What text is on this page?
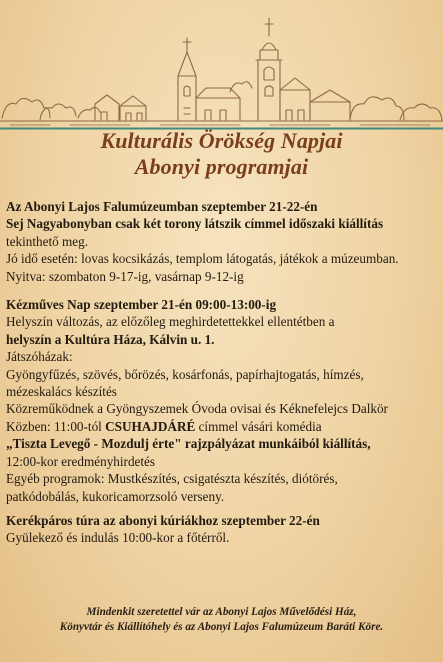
Kulturális Örökség Napjai
Abonyi programjai

Az Abonyi Lajos Falumúzeumban szeptember 21-22-én

Sej Nagyabonyban csak két torony látszik címmel időszaki kiállítás

tekinthető meg.

Jó idő esetén: lovas kocsikázás, templom látogatás, játékok a múzeumban.

Nyitva: szombaton 9-17-ig, vasárnap 9-12-ig

Kézműves Nap szeptember 21-én 09:00-13:00-ig

Helyszín változás, az előzőleg meghirdetettekkel ellentétben a

helyszín a Kultúra Háza, Kálvin u. 1.

Játszóházak:

Gyöngyfűzés, szövés, bőrözés, kosárfonás, papírhajtogatás, hímzés,

mézeskalács készítés

Közreműködnek a Gyöngyszemek Óvoda ovisai és Kéknefelejcs Dalkör

Közben: 11:00-tól CSUHAJDÁRÉ címmel vásári komédia

„Tiszta Levegő - Mozdulj érte" rajzpályázat munkáiból kiállítás,

12:00-kor eredményhirdetés

Egyéb programok: Mustkészítés, csigatészta készítés, diótörés,

patkódobálás, kukoricamorzsoló verseny.

Kerékpáros túra az abonyi kúriákhoz szeptember 22-én

Gyülekező és indulás 10:00-kor a főtérről.

Mindenkit szeretettel vár az Abonyi Lajos Művelődési Ház,
Könyvtár és Kiállítóhely és az Abonyi Lajos Falumúzeum Baráti Köre.
